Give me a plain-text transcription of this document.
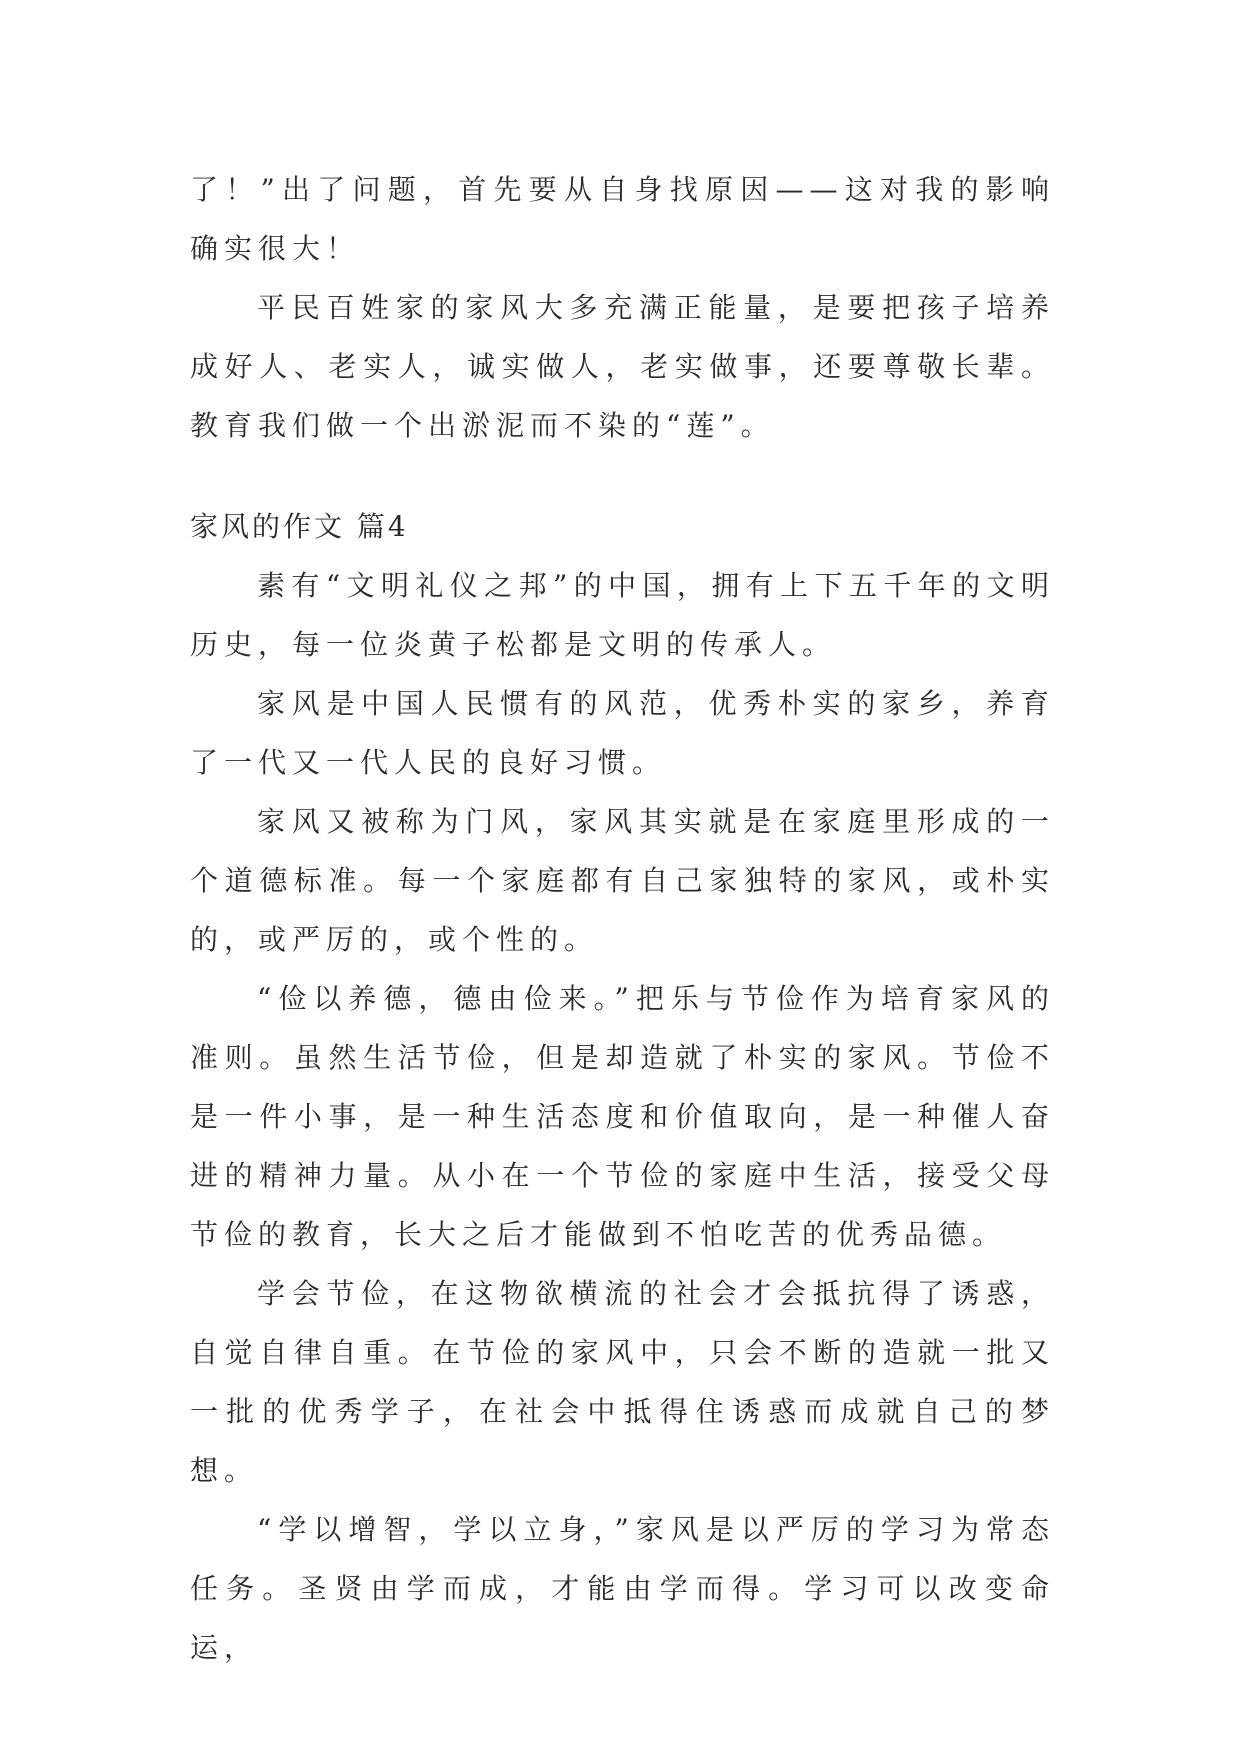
了！”出了问题，首先要从自身找原因——这对我的影响确实很大！

平民百姓家的家风大多充满正能量，是要把孩子培养成好人、老实人，诚实做人，老实做事，还要尊敬长辈。教育我们做一个出淤泥而不染的“莲”。

家风的作文 篇4

素有“文明礼仪之邦”的中国，拥有上下五千年的文明历史，每一位炎黄子松都是文明的传承人。

家风是中国人民惯有的风范，优秀朴实的家乡，养育了一代又一代人民的良好习惯。

家风又被称为门风，家风其实就是在家庭里形成的一个道德标准。每一个家庭都有自己家独特的家风，或朴实的，或严厉的，或个性的。

“俭以养德，德由俭来。”把乐与节俭作为培育家风的准则。虽然生活节俭，但是却造就了朴实的家风。节俭不是一件小事，是一种生活态度和价值取向，是一种催人奋进的精神力量。从小在一个节俭的家庭中生活，接受父母节俭的教育，长大之后才能做到不怕吃苦的优秀品德。

学会节俭，在这物欲横流的社会才会抵抗得了诱惑，自觉自律自重。在节俭的家风中，只会不断的造就一批又一批的优秀学子，在社会中抵得住诱惑而成就自己的梦想。

“学以增智，学以立身，”家风是以严厉的学习为常态任务。圣贤由学而成，才能由学而得。学习可以改变命运，
